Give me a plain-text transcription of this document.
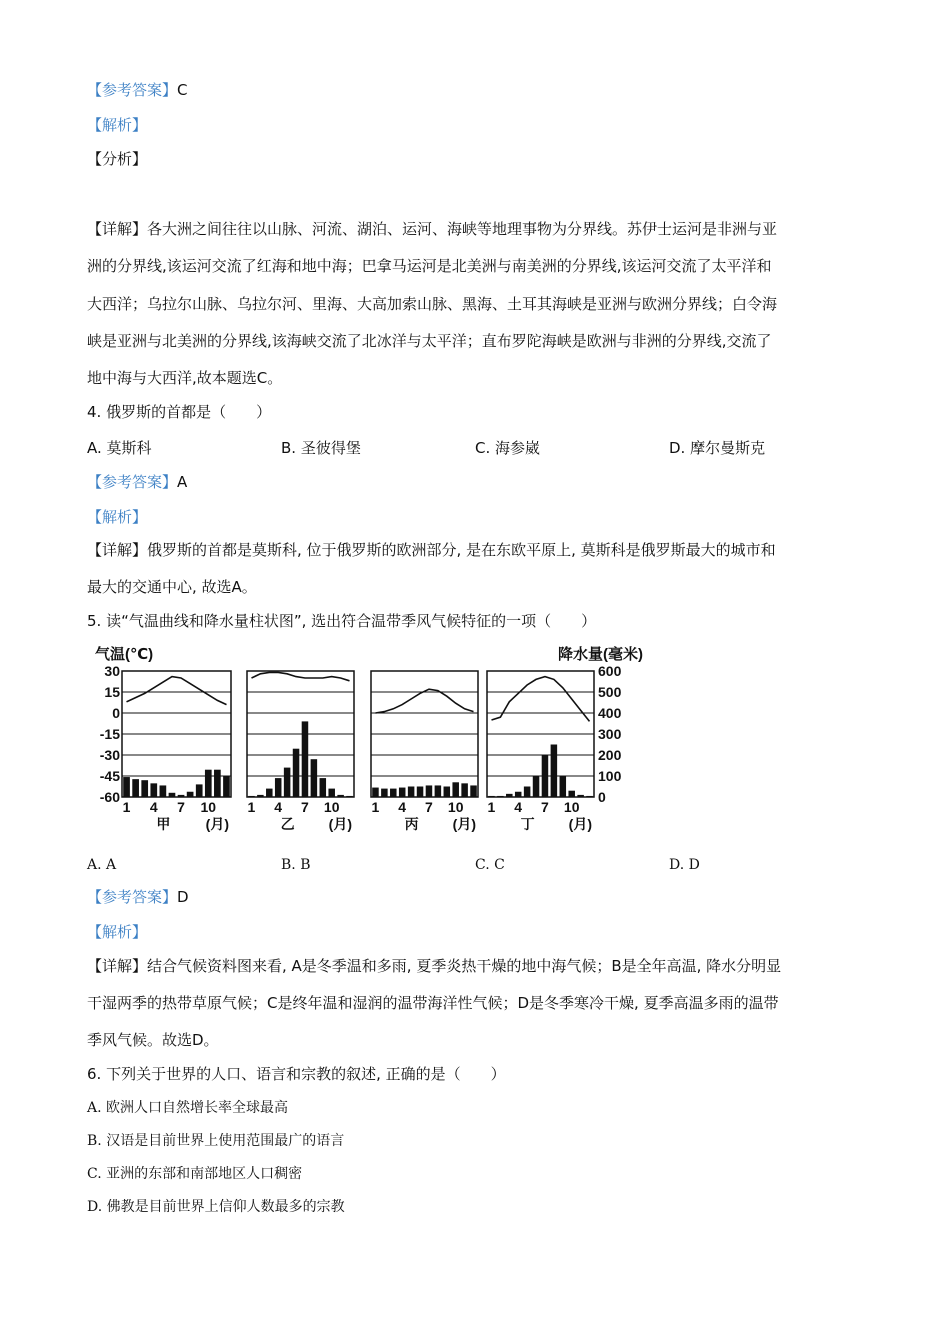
【参考答案】C
【解析】
【分析】
【详解】各大洲之间往往以山脉、河流、湖泊、运河、海峡等地理事物为分界线。苏伊士运河是非洲与亚
洲的分界线,该运河交流了红海和地中海；巴拿马运河是北美洲与南美洲的分界线,该运河交流了太平洋和
大西洋；乌拉尔山脉、乌拉尔河、里海、大高加索山脉、黑海、土耳其海峡是亚洲与欧洲分界线；白令海
峡是亚洲与北美洲的分界线,该海峡交流了北冰洋与太平洋；直布罗陀海峡是欧洲与非洲的分界线,交流了
地中海与大西洋,故本题选C。
4. 俄罗斯的首都是（　　）
A. 莫斯科	B. 圣彼得堡	C. 海参崴	D. 摩尔曼斯克
【参考答案】A
【解析】
【详解】俄罗斯的首都是莫斯科, 位于俄罗斯的欧洲部分, 是在东欧平原上, 莫斯科是俄罗斯最大的城市和
最大的交通中心, 故选A。
5. 读“气温曲线和降水量柱状图”, 选出符合温带季风气候特征的一项（　　）
气温(℃)	降水量(毫米)
30
15
0
-15
-30
-45
-60
600
500
400
300
200
100
0
1 4 7 10
甲	(月)
1 4 7 10
乙 (月)
1 4 7 10
丙 (月)
1 4 7 10
丁 (月)
A. A	B. B	C. C	D. D
【参考答案】D
【解析】
【详解】结合气候资料图来看, A是冬季温和多雨, 夏季炎热干燥的地中海气候；B是全年高温, 降水分明显
干湿两季的热带草原气候；C是终年温和湿润的温带海洋性气候；D是冬季寒冷干燥, 夏季高温多雨的温带
季风气候。故选D。
6. 下列关于世界的人口、语言和宗教的叙述, 正确的是（　　）
A. 欧洲人口自然增长率全球最高
B. 汉语是目前世界上使用范围最广的语言
C. 亚洲的东部和南部地区人口稠密
D. 佛教是目前世界上信仰人数最多的宗教
